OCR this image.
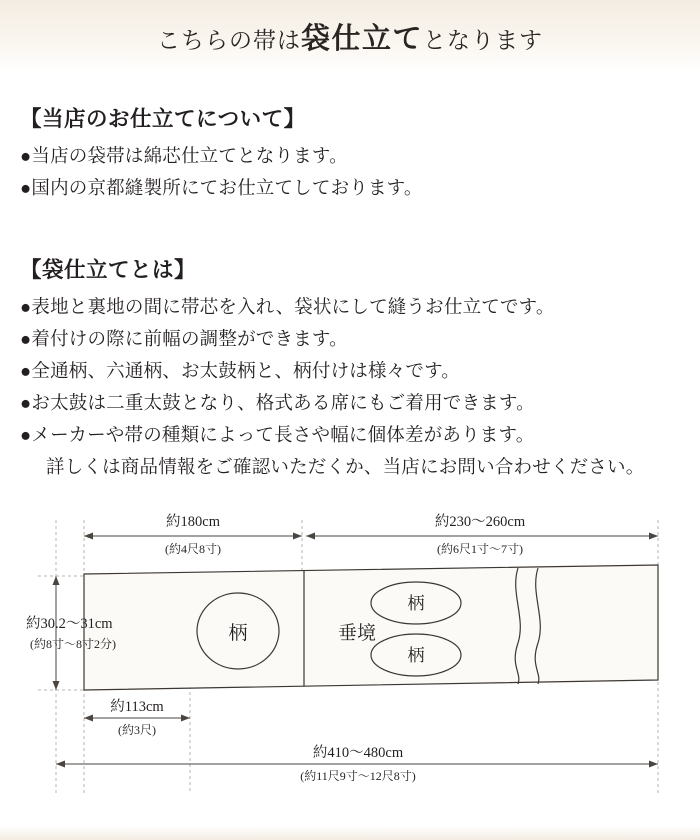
こちらの帯は袋仕立てとなります
【当店のお仕立てについて】
●当店の袋帯は綿芯仕立てとなります。
●国内の京都縫製所にてお仕立てしております。
【袋仕立てとは】
●表地と裏地の間に帯芯を入れ、袋状にして縫うお仕立てです。
●着付けの際に前幅の調整ができます。
●全通柄、六通柄、お太鼓柄と、柄付けは様々です。
●お太鼓は二重太鼓となり、格式ある席にもご着用できます。
●メーカーや帯の種類によって長さや幅に個体差があります。
詳しくは商品情報をご確認いただくか、当店にお問い合わせください。
約180cm
(約4尺8寸)
約230〜260cm
(約6尺1寸〜7寸)
柄	垂境
柄
柄
約30.2〜31cm
(約8寸〜8寸2分)
約113cm
(約3尺)
約410〜480cm
(約11尺9寸〜12尺8寸)
